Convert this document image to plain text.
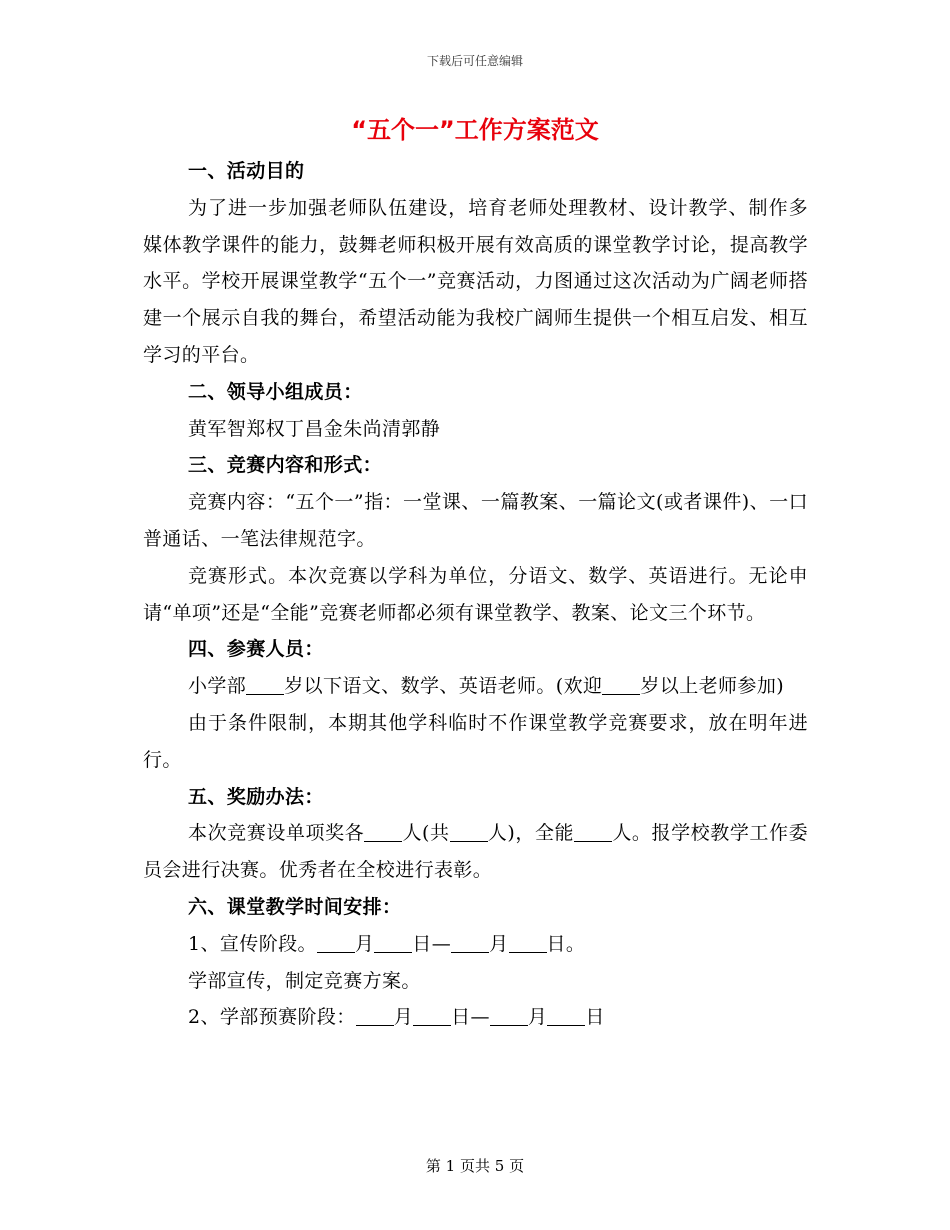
下载后可任意编辑
“五个一”工作方案范文

一、活动目的

为了进一步加强老师队伍建设，培育老师处理教材、设计教学、制作多媒体教学课件的能力，鼓舞老师积极开展有效高质的课堂教学讨论，提高教学水平。学校开展课堂教学“五个一”竞赛活动，力图通过这次活动为广阔老师搭建一个展示自我的舞台，希望活动能为我校广阔师生提供一个相互启发、相互学习的平台。

二、领导小组成员：

黄军智郑权丁昌金朱尚清郭静

三、竞赛内容和形式：

竞赛内容：“五个一”指：一堂课、一篇教案、一篇论文(或者课件)、一口普通话、一笔法律规范字。

竞赛形式。本次竞赛以学科为单位，分语文、数学、英语进行。无论申请“单项”还是“全能”竞赛老师都必须有课堂教学、教案、论文三个环节。

四、参赛人员：

小学部 岁以下语文、数学、英语老师。(欢迎 岁以上老师参加)

由于条件限制，本期其他学科临时不作课堂教学竞赛要求，放在明年进行。

五、奖励办法：

本次竞赛设单项奖各 人(共 人)，全能 人。报学校教学工作委员会进行决赛。优秀者在全校进行表彰。

六、课堂教学时间安排：

1、宣传阶段。 月 日— 月 日。

学部宣传，制定竞赛方案。

2、学部预赛阶段： 月 日— 月 日

第 1 页共 5 页
